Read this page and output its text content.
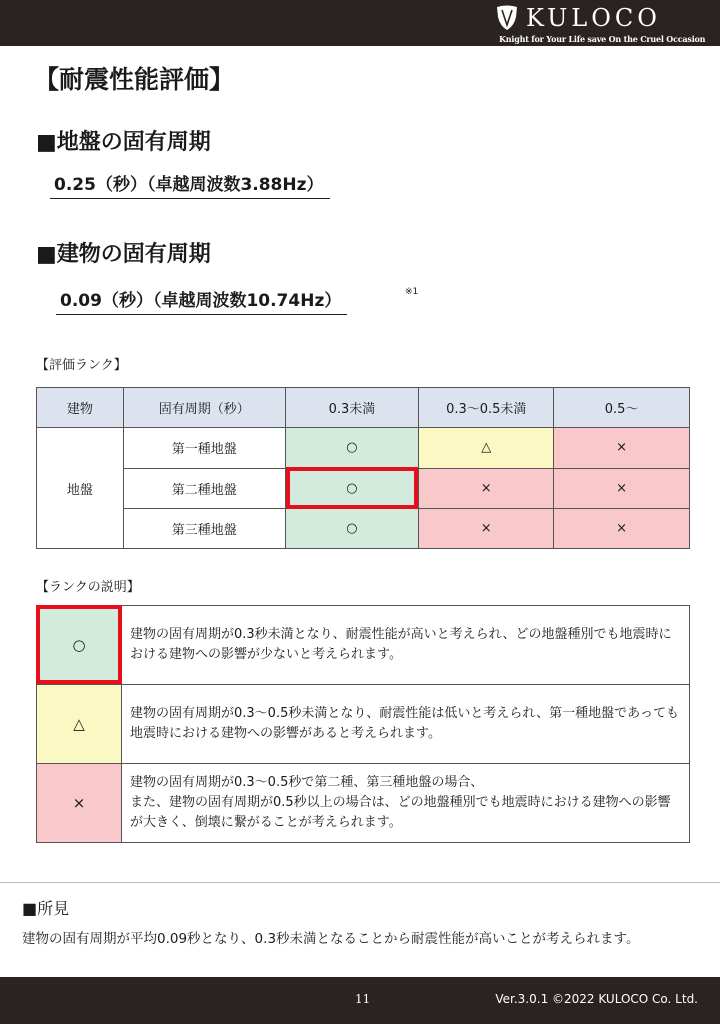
KULOCO
Knight for Your Life save On the Cruel Occasion
【耐震性能評価】
■地盤の固有周期
0.25（秒）（卓越周波数3.88Hz）
■建物の固有周期
0.09（秒）（卓越周波数10.74Hz）	※1
【評価ランク】
建物	固有周期（秒）	0.3未満	0.3〜0.5未満	0.5〜
地盤	第一種地盤	○	△	×
	第二種地盤	○	×	×
	第三種地盤	○	×	×
【ランクの説明】
○	建物の固有周期が0.3秒未満となり、耐震性能が高いと考えられ、どの地盤種別でも地震時における建物への影響が少ないと考えられます。
△	建物の固有周期が0.3〜0.5秒未満となり、耐震性能は低いと考えられ、第一種地盤であっても地震時における建物への影響があると考えられます。
×	建物の固有周期が0.3〜0.5秒で第二種、第三種地盤の場合、
また、建物の固有周期が0.5秒以上の場合は、どの地盤種別でも地震時における建物への影響が大きく、倒壊に繋がることが考えられます。
■所見
建物の固有周期が平均0.09秒となり、0.3秒未満となることから耐震性能が高いことが考えられます。
11	Ver.3.0.1 ©2022 KULOCO Co. Ltd.
